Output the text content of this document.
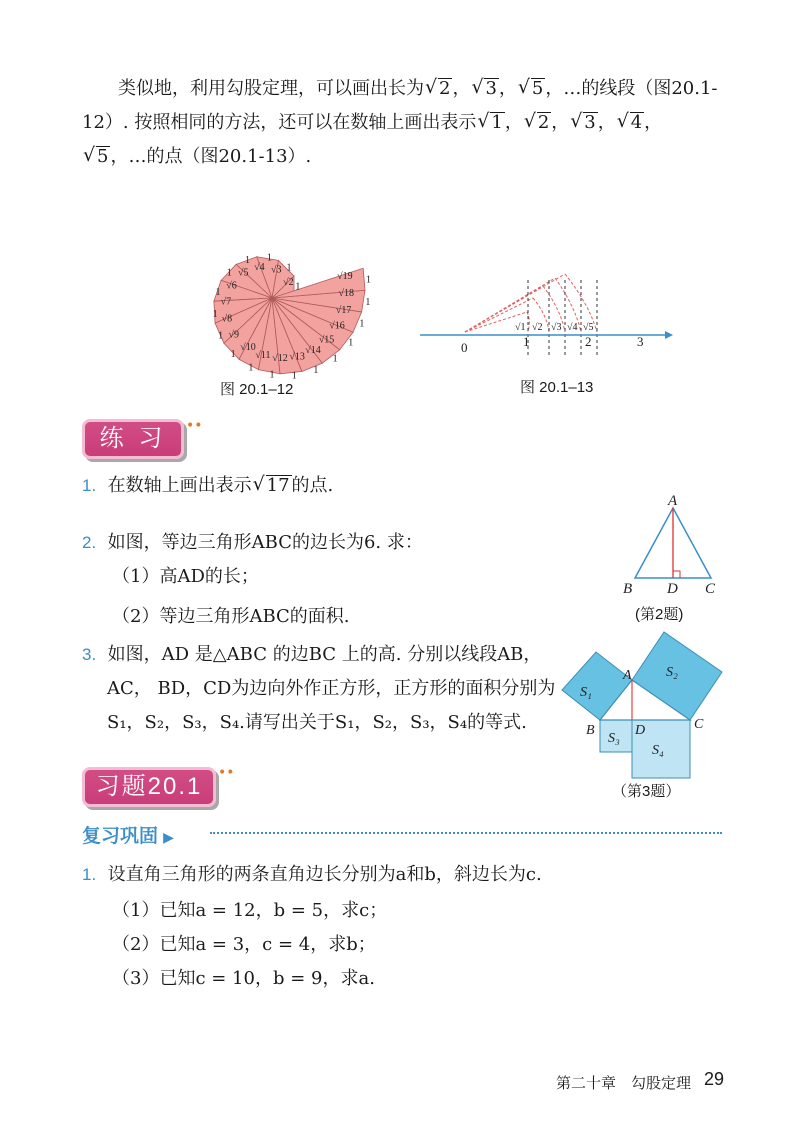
类似地，利用勾股定理，可以画出长为 √ 2 ， √ 3 ， √ 5 ，…的线段（图20.1-
12）. 按照相同的方法，还可以在数轴上画出表示 √ 1 ， √ 2 ， √ 3 ， √ 4 ，
√ 5 ，…的点（图20.1-13）.
√2 1
√3 1
√4
1
√5
1
√6
1
√7
1
√8
1
√9
1
√10
1 √11
1
√12
1
√13
1
√14
1
√15
1
√16
1
√17
1
√18
1
√19 1
图 20.1–12
0	1	2	3
√1 √2 √3 √4 √5
图 20.1–13
练 习	••
1. 在数轴上画出表示 √ 17 的点.
2. 如图，等边三角形ABC的边长为6. 求：
（1）高AD的长；
（2）等边三角形ABC的面积.
A
B D C
(第2题)
3. 如图，AD 是△ABC 的边BC 上的高. 分别以线段AB，
AC， BD，CD为边向外作正方形，正方形的面积分别为
S₁，S₂，S₃，S₄.请写出关于S₁，S₂，S₃，S₄的等式.
A
B	D	C
S₁
S₂
S₃
S₄
（第3题）
习题20.1	••
复习巩固 ▶
1. 设直角三角形的两条直角边长分别为a和b，斜边长为c.
（1）已知a = 12，b = 5，求c；
（2）已知a = 3，c = 4，求b；
（3）已知c = 10，b = 9，求a.
第二十章　勾股定理 29
